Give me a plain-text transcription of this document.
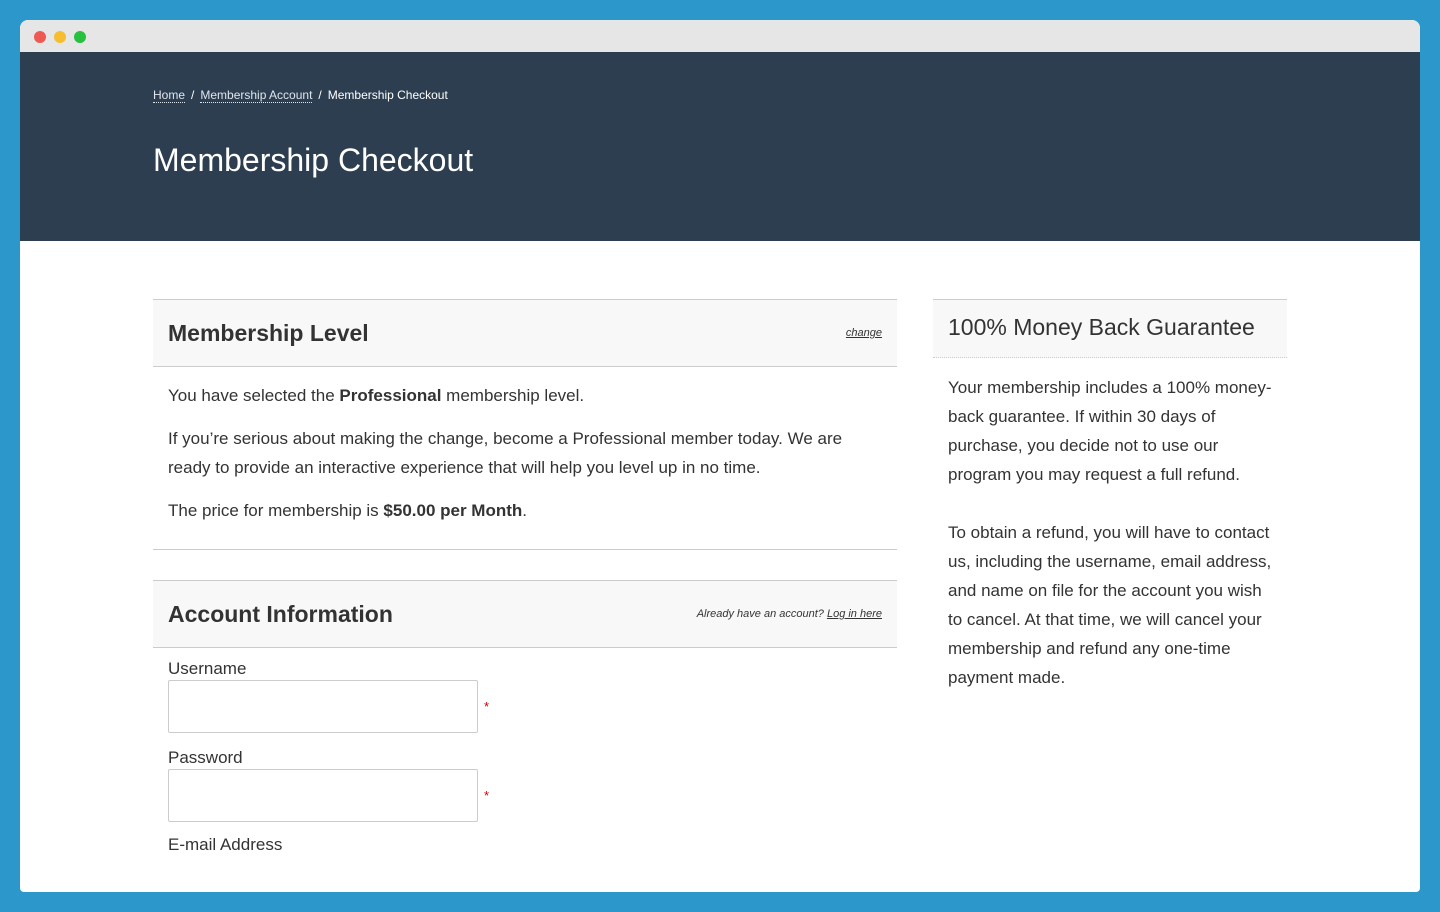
Home / Membership Account / Membership Checkout
Membership Checkout
Membership Level	change

You have selected the Professional membership level.

If you’re serious about making the change, become a Professional member today. We are ready to provide an interactive experience that will help you level up in no time.

The price for membership is $50.00 per Month.

Account Information	Already have an account? Log in here
Username
*
Password
*
E-mail Address
100% Money Back Guarantee

Your membership includes a 100% money-back guarantee. If within 30 days of purchase, you decide not to use our program you may request a full refund.

To obtain a refund, you will have to contact us, including the username, email address, and name on file for the account you wish to cancel. At that time, we will cancel your membership and refund any one-time payment made.
